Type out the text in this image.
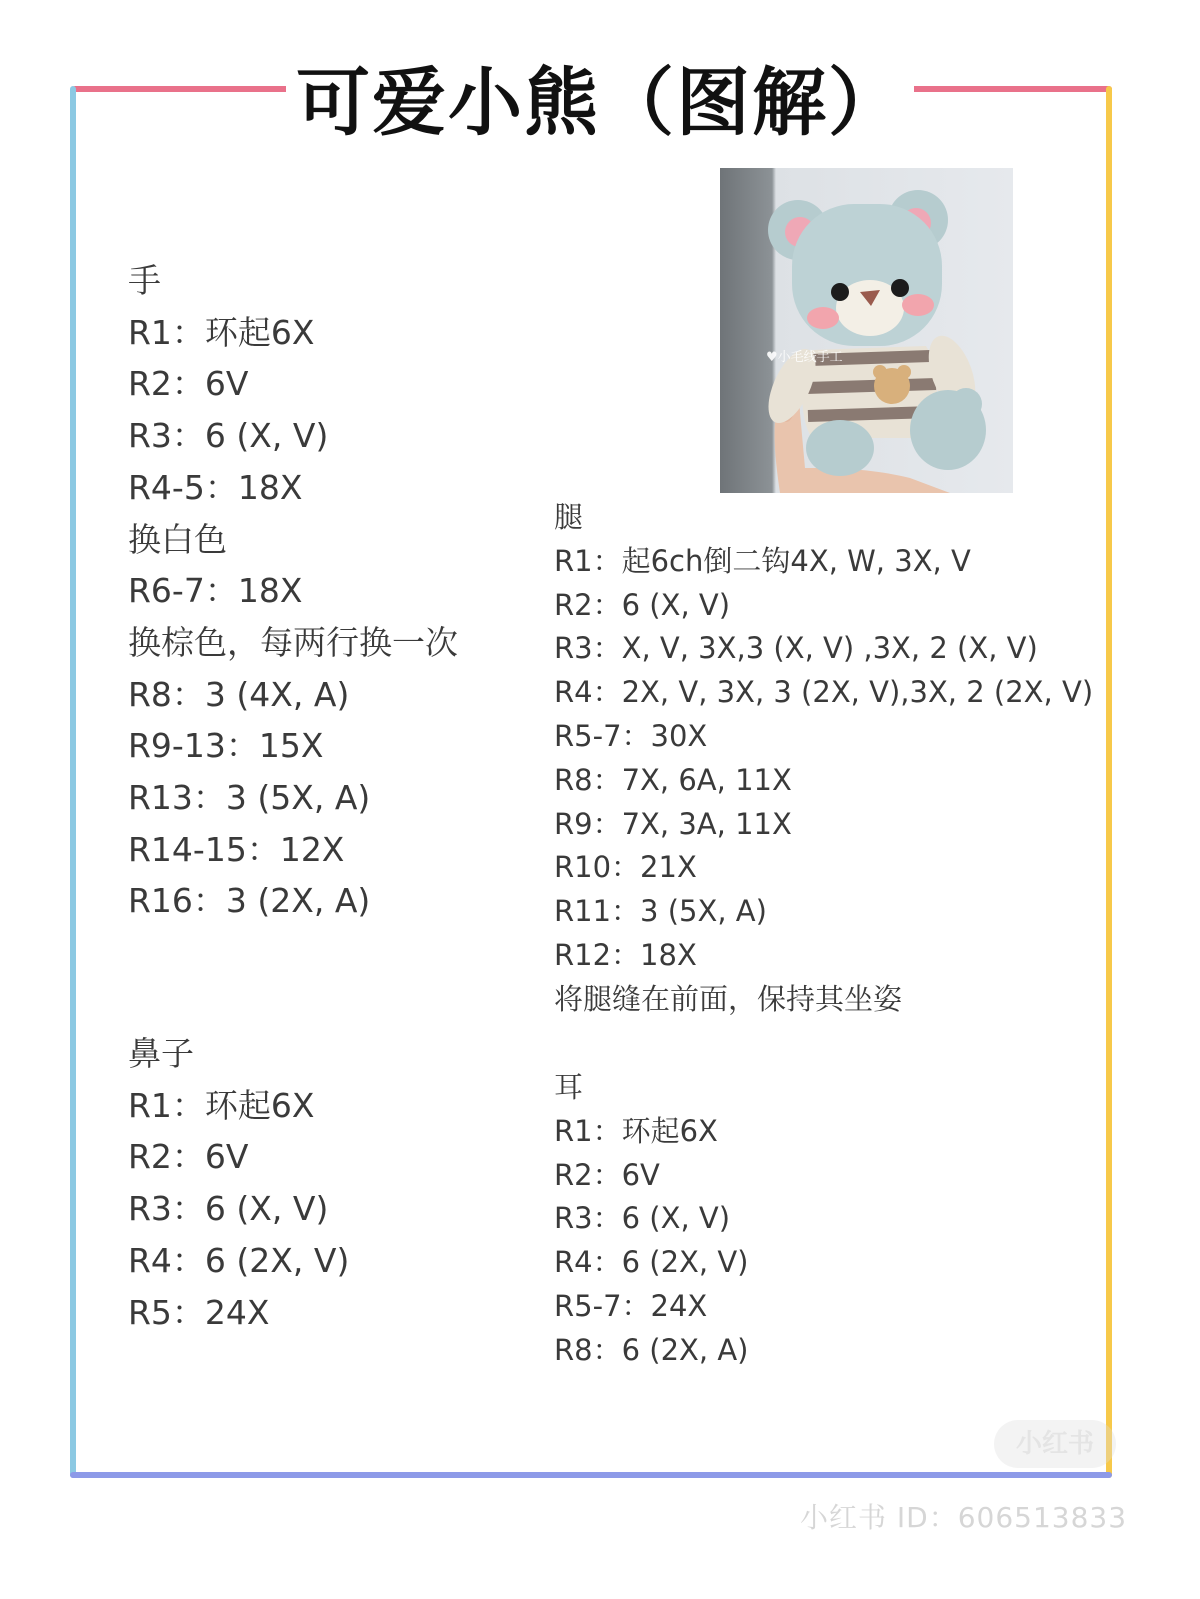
可爱小熊（图解）
手
R1：环起6X
R2：6V
R3：6 (X, V)
R4-5：18X
换白色
R6-7：18X
换棕色，每两行换一次
R8：3 (4X, A)
R9-13：15X
R13：3 (5X, A)
R14-15：12X
R16：3 (2X, A)
鼻子
R1：环起6X
R2：6V
R3：6 (X, V)
R4：6 (2X, V)
R5：24X
♥小毛线手工
腿
R1：起6ch倒二钩4X, W, 3X, V
R2：6 (X, V)
R3：X, V, 3X,3 (X, V) ,3X, 2 (X, V)
R4：2X, V, 3X, 3 (2X, V),3X, 2 (2X, V)
R5-7：30X
R8：7X, 6A, 11X
R9：7X, 3A, 11X
R10：21X
R11：3 (5X, A)
R12：18X
将腿缝在前面，保持其坐姿
耳
R1：环起6X
R2：6V
R3：6 (X, V)
R4：6 (2X, V)
R5-7：24X
R8：6 (2X, A)
小红书
小红书 ID：606513833
